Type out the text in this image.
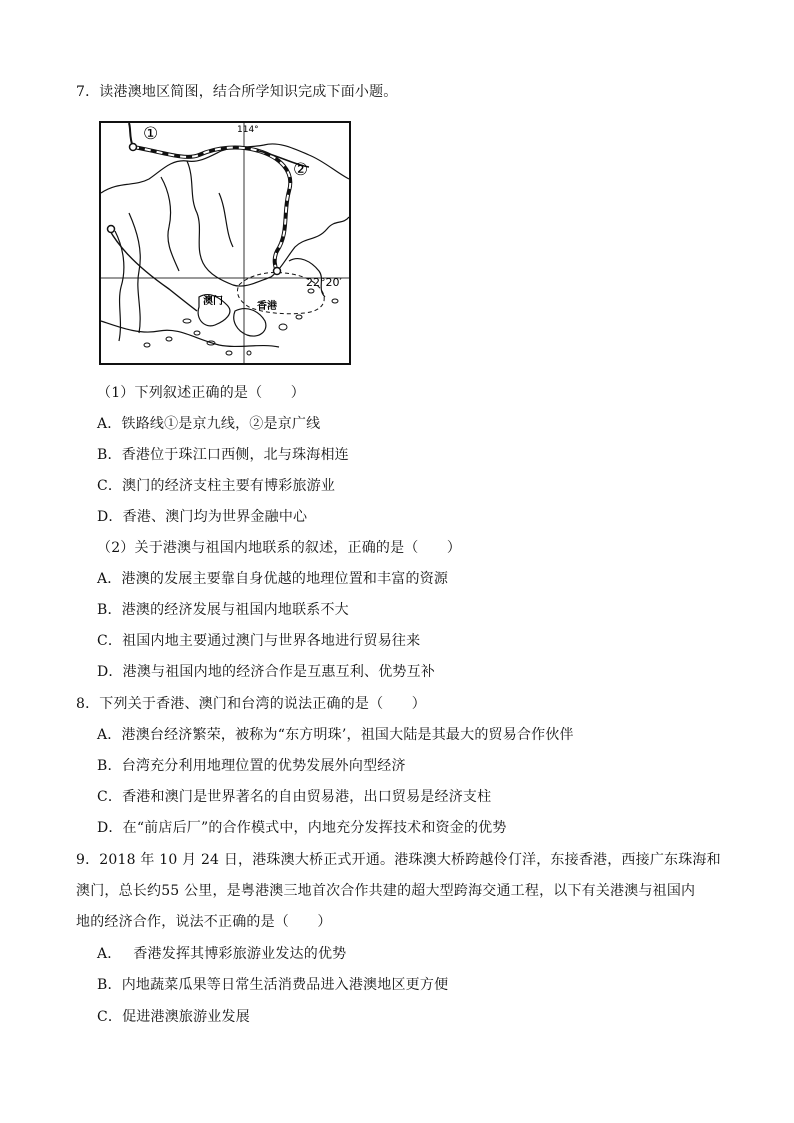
7．读港澳地区简图，结合所学知识完成下面小题。
①
②
114°
22°20′
澳门	香港
（1）下列叙述正确的是（　　）
A．铁路线①是京九线，②是京广线
B．香港位于珠江口西侧，北与珠海相连
C．澳门的经济支柱主要有博彩旅游业
D．香港、澳门均为世界金融中心
（2）关于港澳与祖国内地联系的叙述，正确的是（　　）
A．港澳的发展主要靠自身优越的地理位置和丰富的资源
B．港澳的经济发展与祖国内地联系不大
C．祖国内地主要通过澳门与世界各地进行贸易往来
D．港澳与祖国内地的经济合作是互惠互利、优势互补
8．下列关于香港、澳门和台湾的说法正确的是（　　）
A．港澳台经济繁荣，被称为“东方明珠’，祖国大陆是其最大的贸易合作伙伴
B．台湾充分利用地理位置的优势发展外向型经济
C．香港和澳门是世界著名的自由贸易港，出口贸易是经济支柱
D．在“前店后厂”的合作模式中，内地充分发挥技术和资金的优势
9．2018 年 10 月 24 日，港珠澳大桥正式开通。港珠澳大桥跨越伶仃洋，东接香港，西接广东珠海和
澳门，总长约55 公里，是粤港澳三地首次合作共建的超大型跨海交通工程，以下有关港澳与祖国内
地的经济合作，说法不正确的是（　　）
A．　 香港发挥其博彩旅游业发达的优势
B．内地蔬菜瓜果等日常生活消费品进入港澳地区更方便
C．促进港澳旅游业发展
